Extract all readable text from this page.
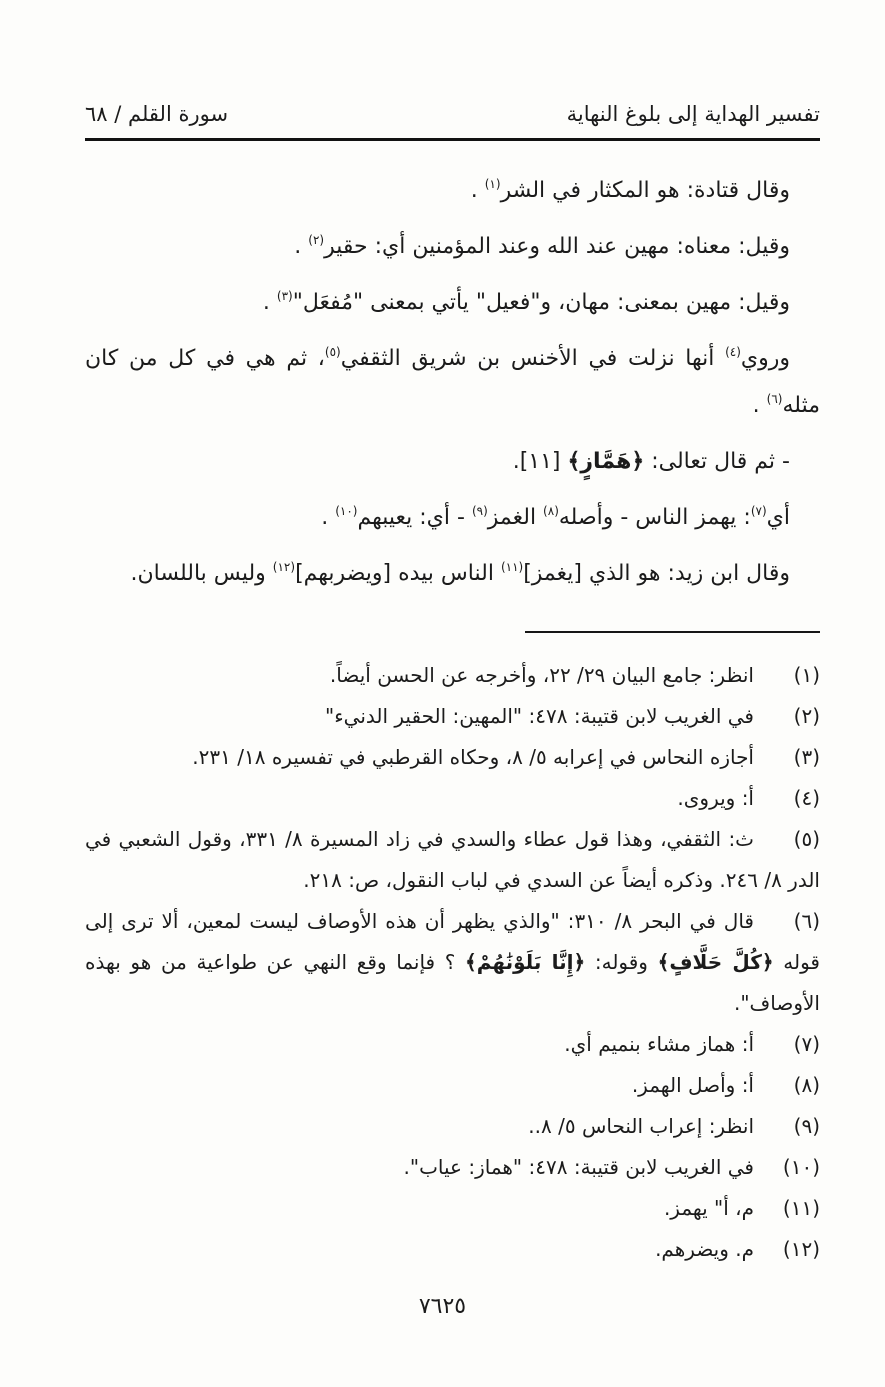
تفسير الهداية إلى بلوغ النهاية
سورة القلم / ٦٨
وقال قتادة: هو المكثار في الشر$^{(١)}$ .
وقيل: معناه: مهين عند الله وعند المؤمنين أي: حقير$^{(٢)}$ .
وقيل: مهين بمعنى: مهان، و"فعيل" يأتي بمعنى "مُفعَل"$^{(٣)}$ .
وروي$^{(٤)}$ أنها نزلت في الأخنس بن شريق الثقفي$^{(٥)}$، ثم هي في كل من كان مثله$^{(٦)}$ .
- ثم قال تعالى: ﴿هَمَّازٍ﴾ [١١].
أي$^{(٧)}$: يهمز الناس - وأصله$^{(٨)}$ الغمز$^{(٩)}$ - أي: يعيبهم$^{(١٠)}$ .
وقال ابن زيد: هو الذي [يغمز]$^{(١١)}$ الناس بيده [ويضربهم]$^{(١٢)}$ وليس باللسان.
(١)انظر: جامع البيان ٢٩‏/ ٢٢، وأخرجه عن الحسن أيضاً.
(٢)في الغريب لابن قتيبة: ٤٧٨: "المهين: الحقير الدنيء"
(٣)أجازه النحاس في إعرابه ٥‏/ ٨، وحكاه القرطبي في تفسيره ١٨‏/ ٢٣١.
(٤)أ: ويروى.
(٥)ث: الثقفي، وهذا قول عطاء والسدي في زاد المسيرة ٨‏/ ٣٣١، وقول الشعبي في الدر ٨‏/ ٢٤٦. وذكره أيضاً عن السدي في لباب النقول، ص: ٢١٨.
(٦)قال في البحر ٨‏/ ٣١٠: "والذي يظهر أن هذه الأوصاف ليست لمعين، ألا ترى إلى قوله ﴿كُلَّ حَلَّافٍ﴾ وقوله: ﴿إِنَّا بَلَوْنَٰهُمْ﴾ ؟ فإنما وقع النهي عن طواعية من هو بهذه الأوصاف".
(٧)أ: هماز مشاء بنميم أي.
(٨)أ: وأصل الهمز.
(٩)انظر: إعراب النحاس ٥‏/ ٨..
(١٠)في الغريب لابن قتيبة: ٤٧٨: "هماز: عياب".
(١١)م، أ" يهمز.
(١٢)م. ويضرهم.
٧٦٢٥
